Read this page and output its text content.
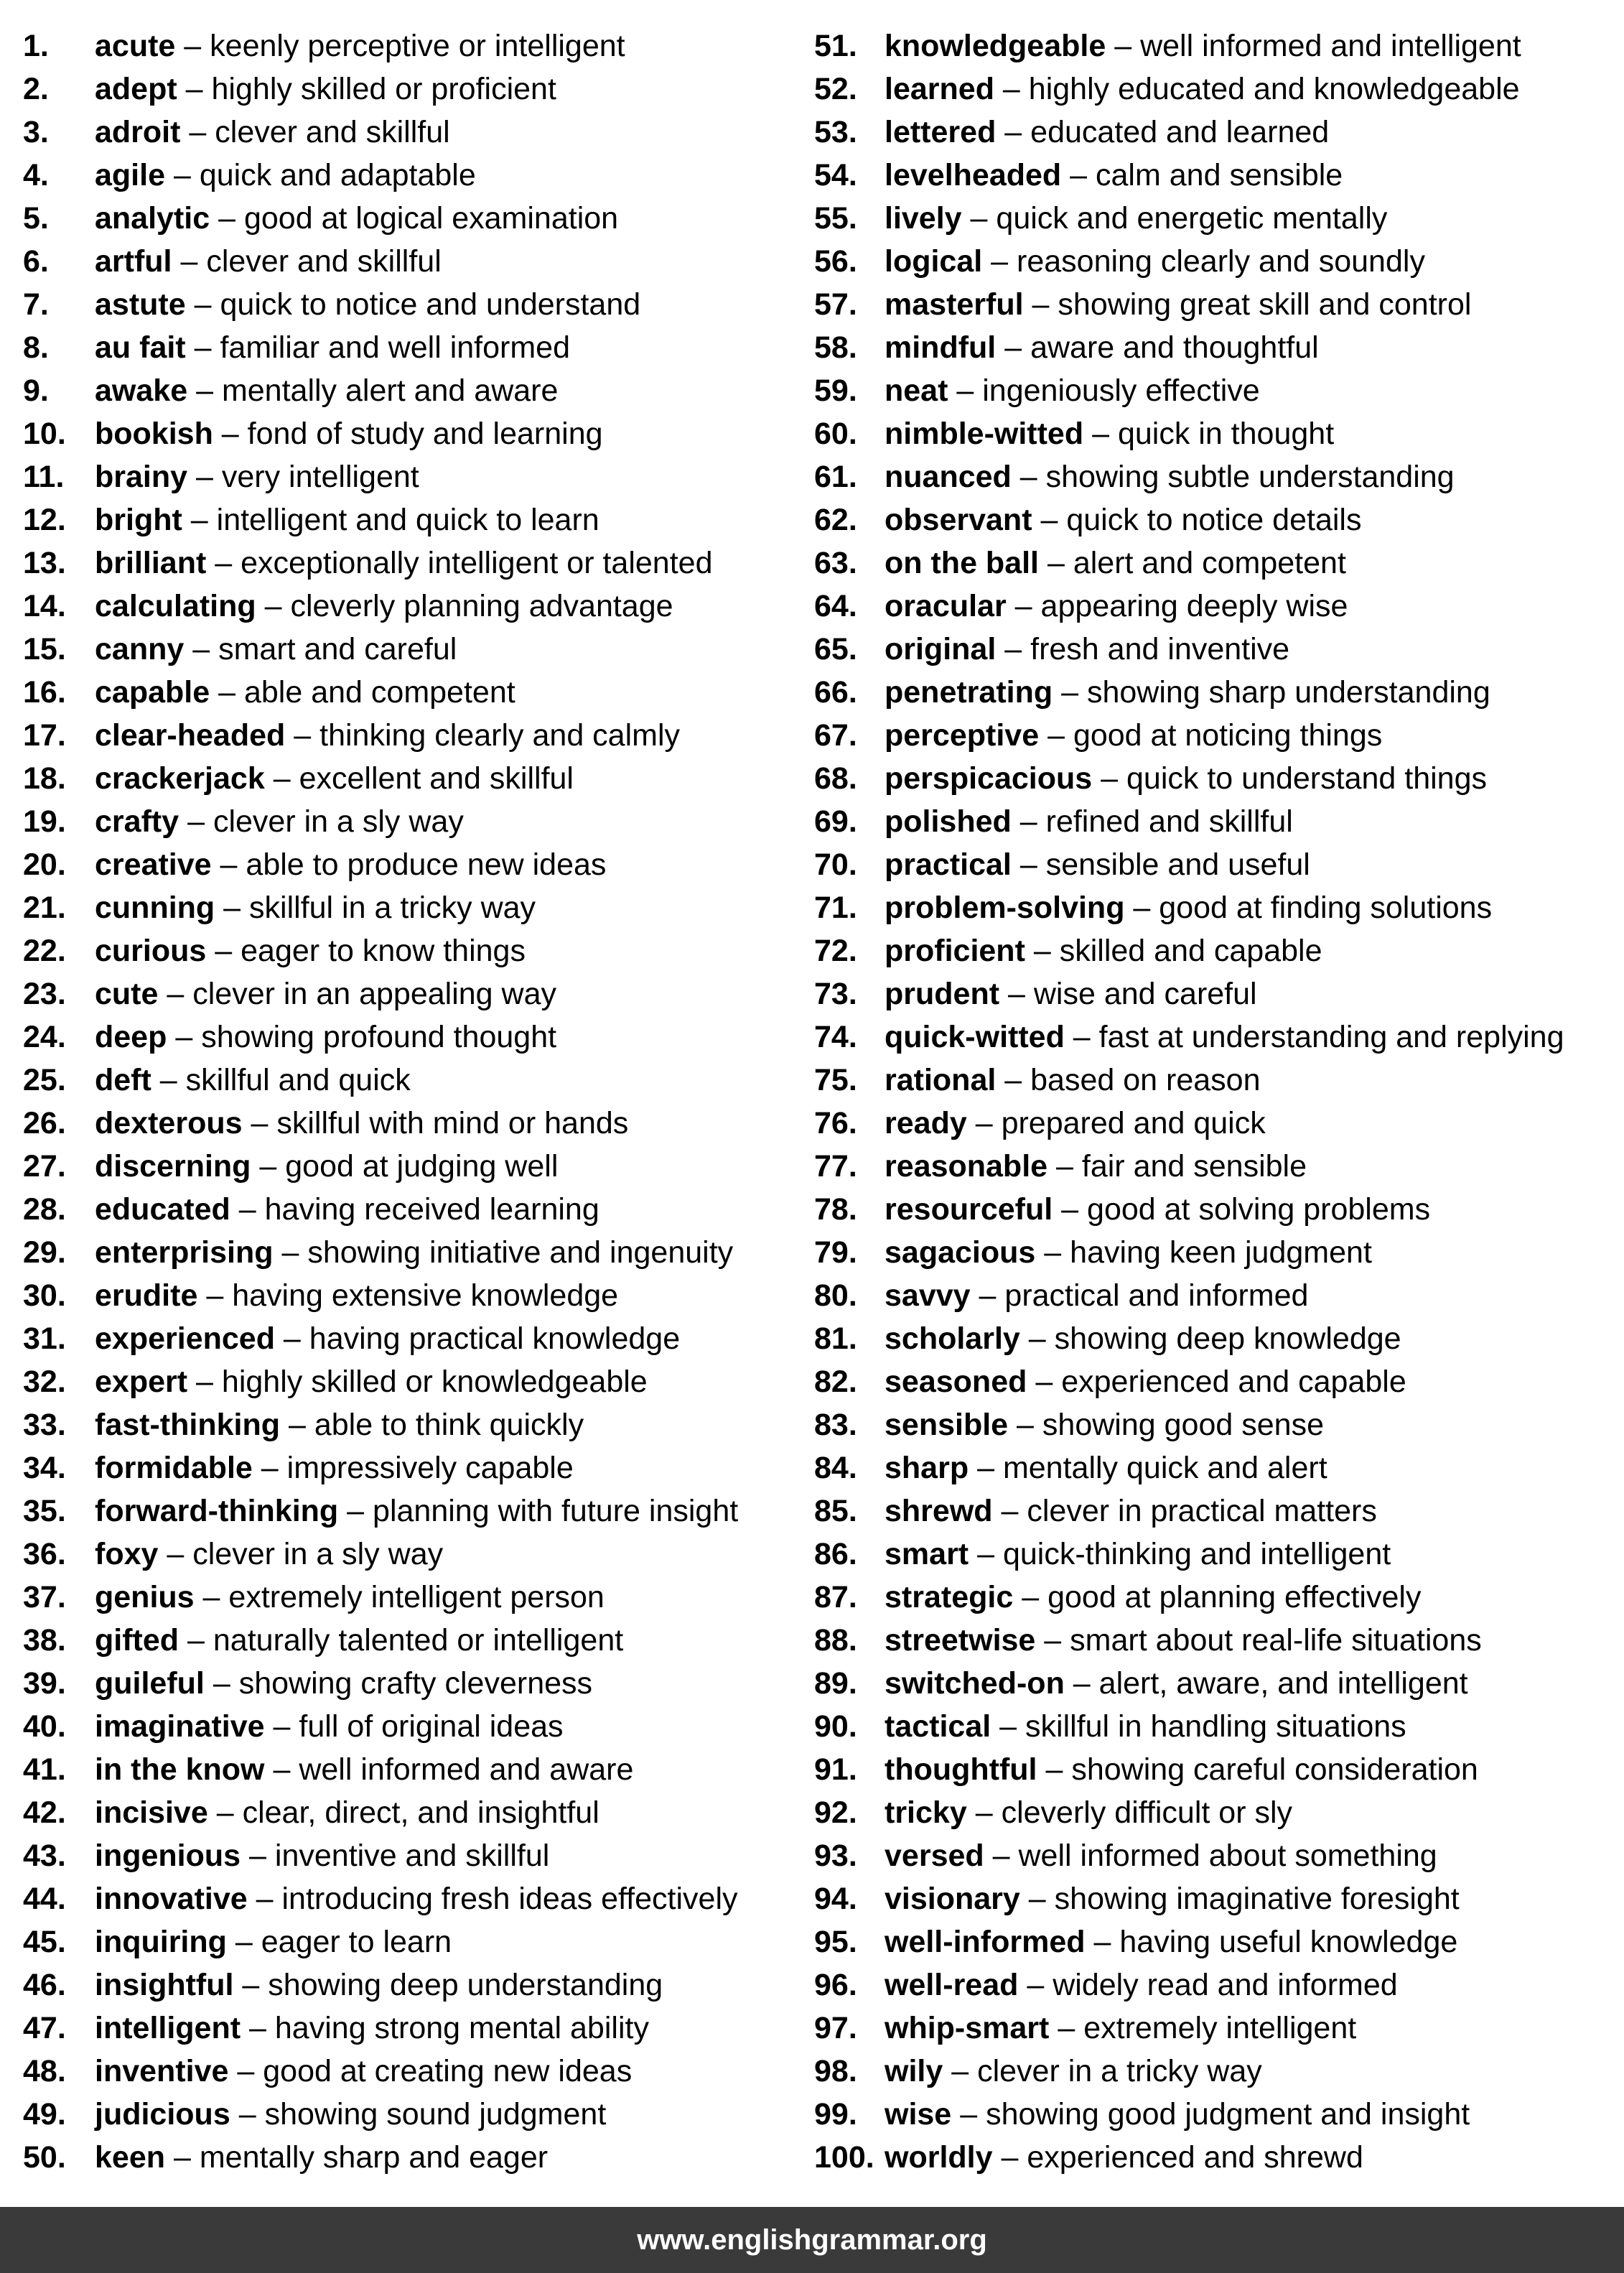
1. acute – keenly perceptive or intelligent
2. adept – highly skilled or proficient
3. adroit – clever and skillful
4. agile – quick and adaptable
5. analytic – good at logical examination
6. artful – clever and skillful
7. astute – quick to notice and understand
8. au fait – familiar and well informed
9. awake – mentally alert and aware
10. bookish – fond of study and learning
11. brainy – very intelligent
12. bright – intelligent and quick to learn
13. brilliant – exceptionally intelligent or talented
14. calculating – cleverly planning advantage
15. canny – smart and careful
16. capable – able and competent
17. clear-headed – thinking clearly and calmly
18. crackerjack – excellent and skillful
19. crafty – clever in a sly way
20. creative – able to produce new ideas
21. cunning – skillful in a tricky way
22. curious – eager to know things
23. cute – clever in an appealing way
24. deep – showing profound thought
25. deft – skillful and quick
26. dexterous – skillful with mind or hands
27. discerning – good at judging well
28. educated – having received learning
29. enterprising – showing initiative and ingenuity
30. erudite – having extensive knowledge
31. experienced – having practical knowledge
32. expert – highly skilled or knowledgeable
33. fast-thinking – able to think quickly
34. formidable – impressively capable
35. forward-thinking – planning with future insight
36. foxy – clever in a sly way
37. genius – extremely intelligent person
38. gifted – naturally talented or intelligent
39. guileful – showing crafty cleverness
40. imaginative – full of original ideas
41. in the know – well informed and aware
42. incisive – clear, direct, and insightful
43. ingenious – inventive and skillful
44. innovative – introducing fresh ideas effectively
45. inquiring – eager to learn
46. insightful – showing deep understanding
47. intelligent – having strong mental ability
48. inventive – good at creating new ideas
49. judicious – showing sound judgment
50. keen – mentally sharp and eager
51. knowledgeable – well informed and intelligent
52. learned – highly educated and knowledgeable
53. lettered – educated and learned
54. levelheaded – calm and sensible
55. lively – quick and energetic mentally
56. logical – reasoning clearly and soundly
57. masterful – showing great skill and control
58. mindful – aware and thoughtful
59. neat – ingeniously effective
60. nimble-witted – quick in thought
61. nuanced – showing subtle understanding
62. observant – quick to notice details
63. on the ball – alert and competent
64. oracular – appearing deeply wise
65. original – fresh and inventive
66. penetrating – showing sharp understanding
67. perceptive – good at noticing things
68. perspicacious – quick to understand things
69. polished – refined and skillful
70. practical – sensible and useful
71. problem-solving – good at finding solutions
72. proficient – skilled and capable
73. prudent – wise and careful
74. quick-witted – fast at understanding and replying
75. rational – based on reason
76. ready – prepared and quick
77. reasonable – fair and sensible
78. resourceful – good at solving problems
79. sagacious – having keen judgment
80. savvy – practical and informed
81. scholarly – showing deep knowledge
82. seasoned – experienced and capable
83. sensible – showing good sense
84. sharp – mentally quick and alert
85. shrewd – clever in practical matters
86. smart – quick-thinking and intelligent
87. strategic – good at planning effectively
88. streetwise – smart about real-life situations
89. switched-on – alert, aware, and intelligent
90. tactical – skillful in handling situations
91. thoughtful – showing careful consideration
92. tricky – cleverly difficult or sly
93. versed – well informed about something
94. visionary – showing imaginative foresight
95. well-informed – having useful knowledge
96. well-read – widely read and informed
97. whip-smart – extremely intelligent
98. wily – clever in a tricky way
99. wise – showing good judgment and insight
100. worldly – experienced and shrewd
www.englishgrammar.org
